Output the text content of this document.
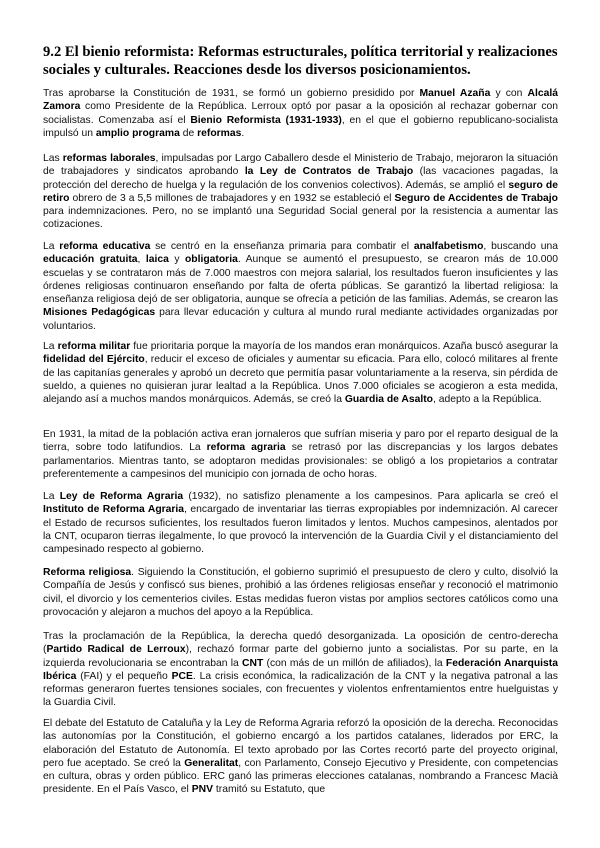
9.2 El bienio reformista: Reformas estructurales, política territorial y realizaciones sociales y culturales. Reacciones desde los diversos posicionamientos.

Tras aprobarse la Constitución de 1931, se formó un gobierno presidido por Manuel Azaña y con Alcalá Zamora como Presidente de la República. Lerroux optó por pasar a la oposición al rechazar gobernar con socialistas. Comenzaba así el Bienio Reformista (1931-1933), en el que el gobierno republicano-socialista impulsó un amplio programa de reformas.

Las reformas laborales, impulsadas por Largo Caballero desde el Ministerio de Trabajo, mejoraron la situación de trabajadores y sindicatos aprobando la Ley de Contratos de Trabajo (las vacaciones pagadas, la protección del derecho de huelga y la regulación de los convenios colectivos). Además, se amplió el seguro de retiro obrero de 3 a 5,5 millones de trabajadores y en 1932 se estableció el Seguro de Accidentes de Trabajo para indemnizaciones. Pero, no se implantó una Seguridad Social general por la resistencia a aumentar las cotizaciones.

La reforma educativa se centró en la enseñanza primaria para combatir el analfabetismo, buscando una educación gratuita, laica y obligatoria. Aunque se aumentó el presupuesto, se crearon más de 10.000 escuelas y se contrataron más de 7.000 maestros con mejora salarial, los resultados fueron insuficientes y las órdenes religiosas continuaron enseñando por falta de oferta públicas. Se garantizó la libertad religiosa: la enseñanza religiosa dejó de ser obligatoria, aunque se ofrecía a petición de las familias. Además, se crearon las Misiones Pedagógicas para llevar educación y cultura al mundo rural mediante actividades organizadas por voluntarios.

La reforma militar fue prioritaria porque la mayoría de los mandos eran monárquicos. Azaña buscó asegurar la fidelidad del Ejército, reducir el exceso de oficiales y aumentar su eficacia. Para ello, colocó militares al frente de las capitanías generales y aprobó un decreto que permitía pasar voluntariamente a la reserva, sin pérdida de sueldo, a quienes no quisieran jurar lealtad a la República. Unos 7.000 oficiales se acogieron a esta medida, alejando así a muchos mandos monárquicos. Además, se creó la Guardia de Asalto, adepto a la República.

En 1931, la mitad de la población activa eran jornaleros que sufrían miseria y paro por el reparto desigual de la tierra, sobre todo latifundios. La reforma agraria se retrasó por las discrepancias y los largos debates parlamentarios. Mientras tanto, se adoptaron medidas provisionales: se obligó a los propietarios a contratar preferentemente a campesinos del municipio con jornada de ocho horas.

La Ley de Reforma Agraria (1932), no satisfizo plenamente a los campesinos. Para aplicarla se creó el Instituto de Reforma Agraria, encargado de inventariar las tierras expropiables por indemnización. Al carecer el Estado de recursos suficientes, los resultados fueron limitados y lentos. Muchos campesinos, alentados por la CNT, ocuparon tierras ilegalmente, lo que provocó la intervención de la Guardia Civil y el distanciamiento del campesinado respecto al gobierno.

Reforma religiosa. Siguiendo la Constitución, el gobierno suprimió el presupuesto de clero y culto, disolvió la Compañía de Jesús y confiscó sus bienes, prohibió a las órdenes religiosas enseñar y reconoció el matrimonio civil, el divorcio y los cementerios civiles. Estas medidas fueron vistas por amplios sectores católicos como una provocación y alejaron a muchos del apoyo a la República.

Tras la proclamación de la República, la derecha quedó desorganizada. La oposición de centro-derecha (Partido Radical de Lerroux), rechazó formar parte del gobierno junto a socialistas. Por su parte, en la izquierda revolucionaria se encontraban la CNT (con más de un millón de afiliados), la Federación Anarquista Ibérica (FAI) y el pequeño PCE. La crisis económica, la radicalización de la CNT y la negativa patronal a las reformas generaron fuertes tensiones sociales, con frecuentes y violentos enfrentamientos entre huelguistas y la Guardia Civil.

El debate del Estatuto de Cataluña y la Ley de Reforma Agraria reforzó la oposición de la derecha. Reconocidas las autonomías por la Constitución, el gobierno encargó a los partidos catalanes, liderados por ERC, la elaboración del Estatuto de Autonomía. El texto aprobado por las Cortes recortó parte del proyecto original, pero fue aceptado. Se creó la Generalitat, con Parlamento, Consejo Ejecutivo y Presidente, con competencias en cultura, obras y orden público. ERC ganó las primeras elecciones catalanas, nombrando a Francesc Macià presidente. En el País Vasco, el PNV tramitó su Estatuto, que
